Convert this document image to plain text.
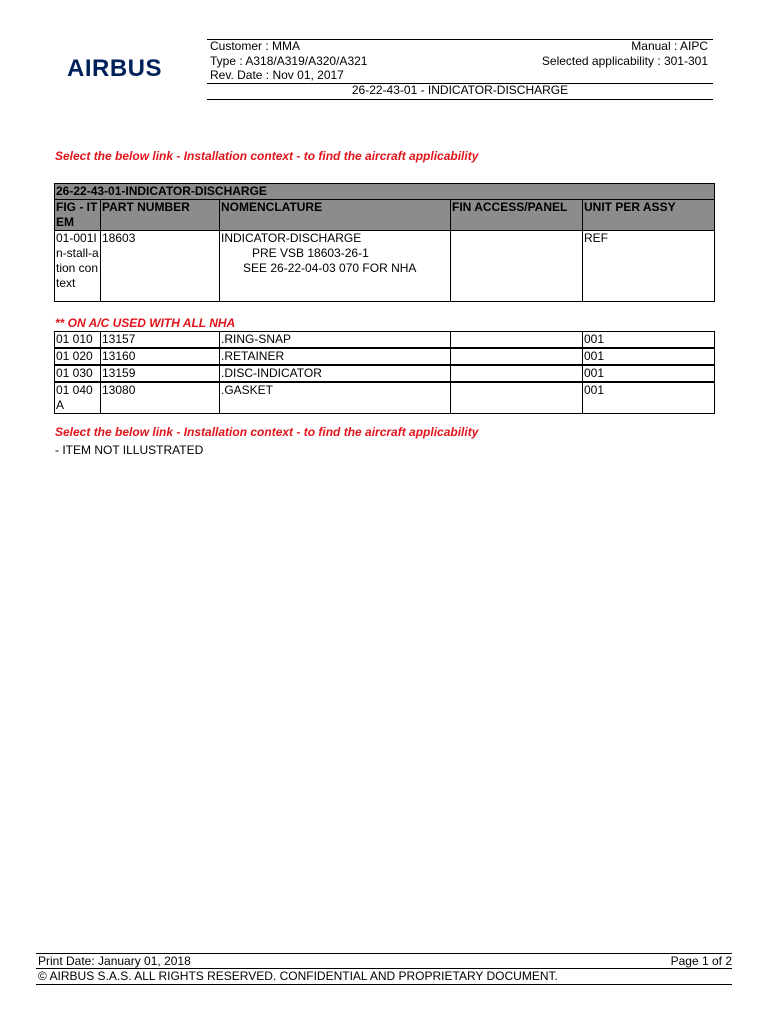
AIRBUS
Customer : MMA	Manual : AIPC
Type : A318/A319/A320/A321	Selected applicability : 301-301
Rev. Date : Nov 01, 2017
26-22-43-01 - INDICATOR-DISCHARGE
Select the below link - Installation context - to find the aircraft applicability
26-22-43-01-INDICATOR-DISCHARGE				
FIG - IT EM	PART NUMBER	NOMENCLATURE	FIN ACCESS/PANEL	UNIT PER ASSY
01-001In-stall-ation context	18603	INDICATOR-DISCHARGE
PRE VSB 18603-26-1
SEE 26-22-04-03 070 FOR NHA		REF
** ON A/C USED WITH ALL NHA
01 010	13157	.RING-SNAP		001
01 020	13160	.RETAINER		001
01 030	13159	.DISC-INDICATOR		001
01 040 A	13080	.GASKET		001
Select the below link - Installation context - to find the aircraft applicability
- ITEM NOT ILLUSTRATED
Print Date: January 01, 2018	Page 1 of 2
© AIRBUS S.A.S. ALL RIGHTS RESERVED. CONFIDENTIAL AND PROPRIETARY DOCUMENT.
